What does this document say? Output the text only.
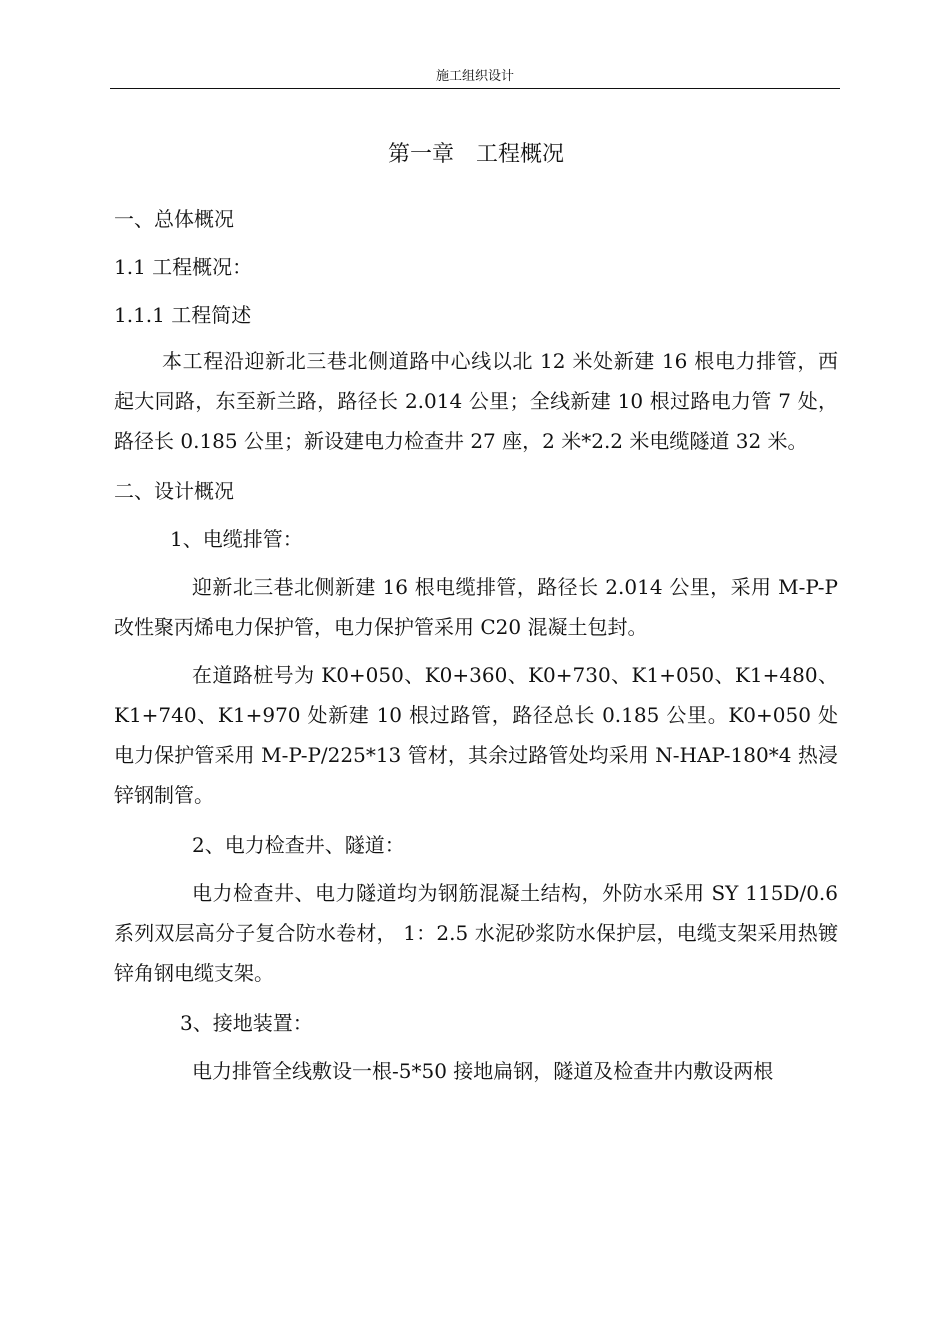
施工组织设计
第一章　工程概况
一、总体概况
1.1 工程概况：
1.1.1 工程简述
本工程沿迎新北三巷北侧道路中心线以北 12 米处新建 16 根电力排管，西起大同路，东至新兰路，路径长 2.014 公里；全线新建 10 根过路电力管 7 处，路径长 0.185 公里；新设建电力检查井 27 座，2 米*2.2 米电缆隧道 32 米。
二、设计概况
1、电缆排管：
迎新北三巷北侧新建 16 根电缆排管，路径长 2.014 公里，采用 M-P-P 改性聚丙烯电力保护管，电力保护管采用 C20 混凝土包封。
在道路桩号为 K0+050、K0+360、K0+730、K1+050、K1+480、K1+740、K1+970 处新建 10 根过路管，路径总长 0.185 公里。K0+050 处电力保护管采用 M-P-P/225*13 管材，其余过路管处均采用 N-HAP-180*4 热浸锌钢制管。
2、电力检查井、隧道：
电力检查井、电力隧道均为钢筋混凝土结构，外防水采用 SY 115D/0.6 系列双层高分子复合防水卷材， 1：2.5 水泥砂浆防水保护层，电缆支架采用热镀锌角钢电缆支架。
3、接地装置：
电力排管全线敷设一根-5*50 接地扁钢，隧道及检查井内敷设两根
